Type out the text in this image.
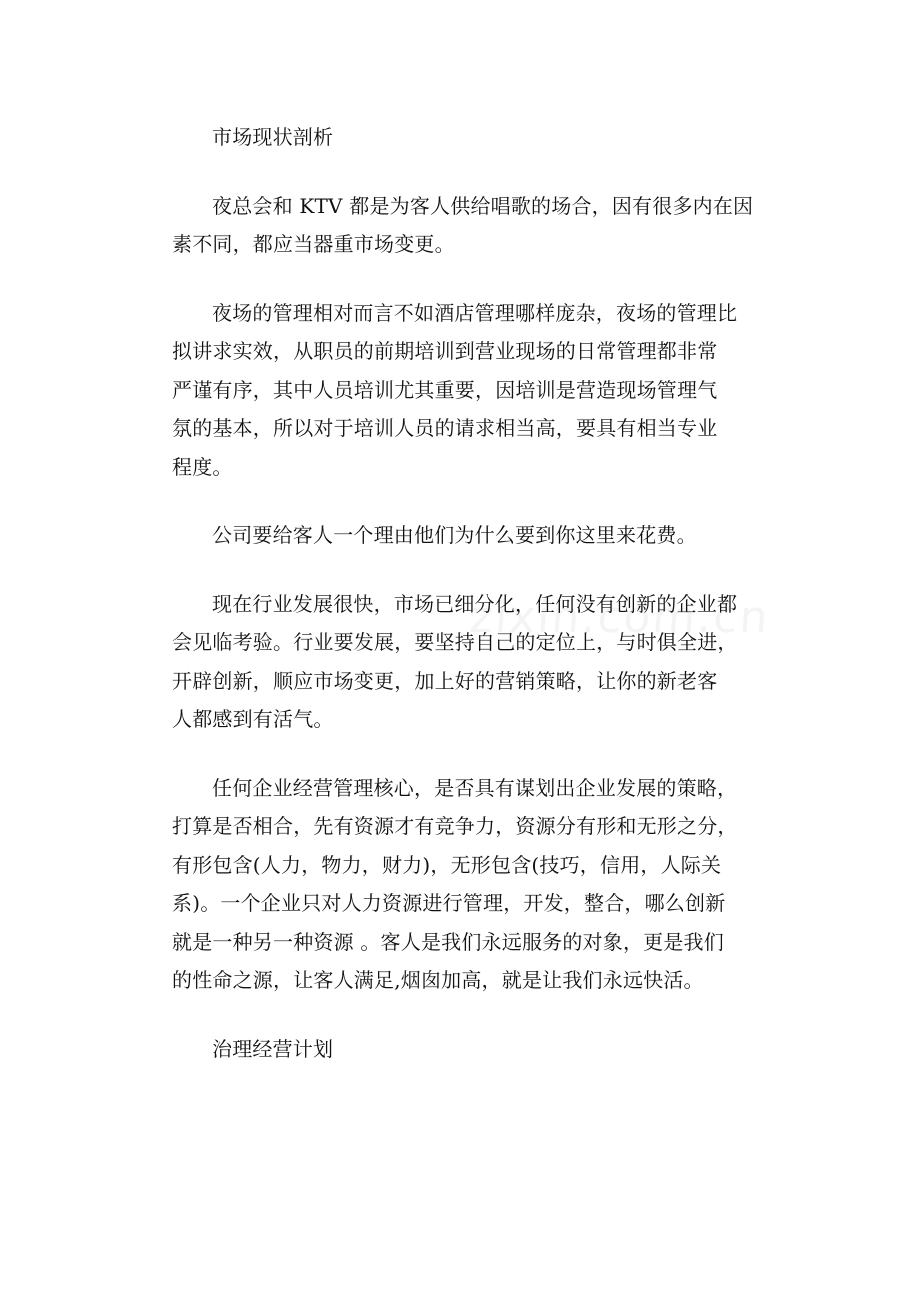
市场现状剖析

夜总会和 KTV 都是为客人供给唱歌的场合，因有很多内在因
素不同，都应当器重市场变更。

夜场的管理相对而言不如酒店管理哪样庞杂，夜场的管理比
拟讲求实效，从职员的前期培训到营业现场的日常管理都非常
严谨有序，其中人员培训尤其重要，因培训是营造现场管理气
氛的基本，所以对于培训人员的请求相当高，要具有相当专业
程度。

公司要给客人一个理由他们为什么要到你这里来花费。

现在行业发展很快，市场已细分化，任何没有创新的企业都
会见临考验。行业要发展，要坚持自己的定位上，与时俱全进，
开辟创新，顺应市场变更，加上好的营销策略，让你的新老客
人都感到有活气。

任何企业经营管理核心，是否具有谋划出企业发展的策略，
打算是否相合，先有资源才有竞争力，资源分有形和无形之分，
有形包含(人力，物力，财力)，无形包含(技巧，信用，人际关
系)。一个企业只对人力资源进行管理，开发，整合，哪么创新
就是一种另一种资源 。客人是我们永远服务的对象，更是我们
的性命之源，让客人满足,烟囱加高，就是让我们永远快活。

治理经营计划
